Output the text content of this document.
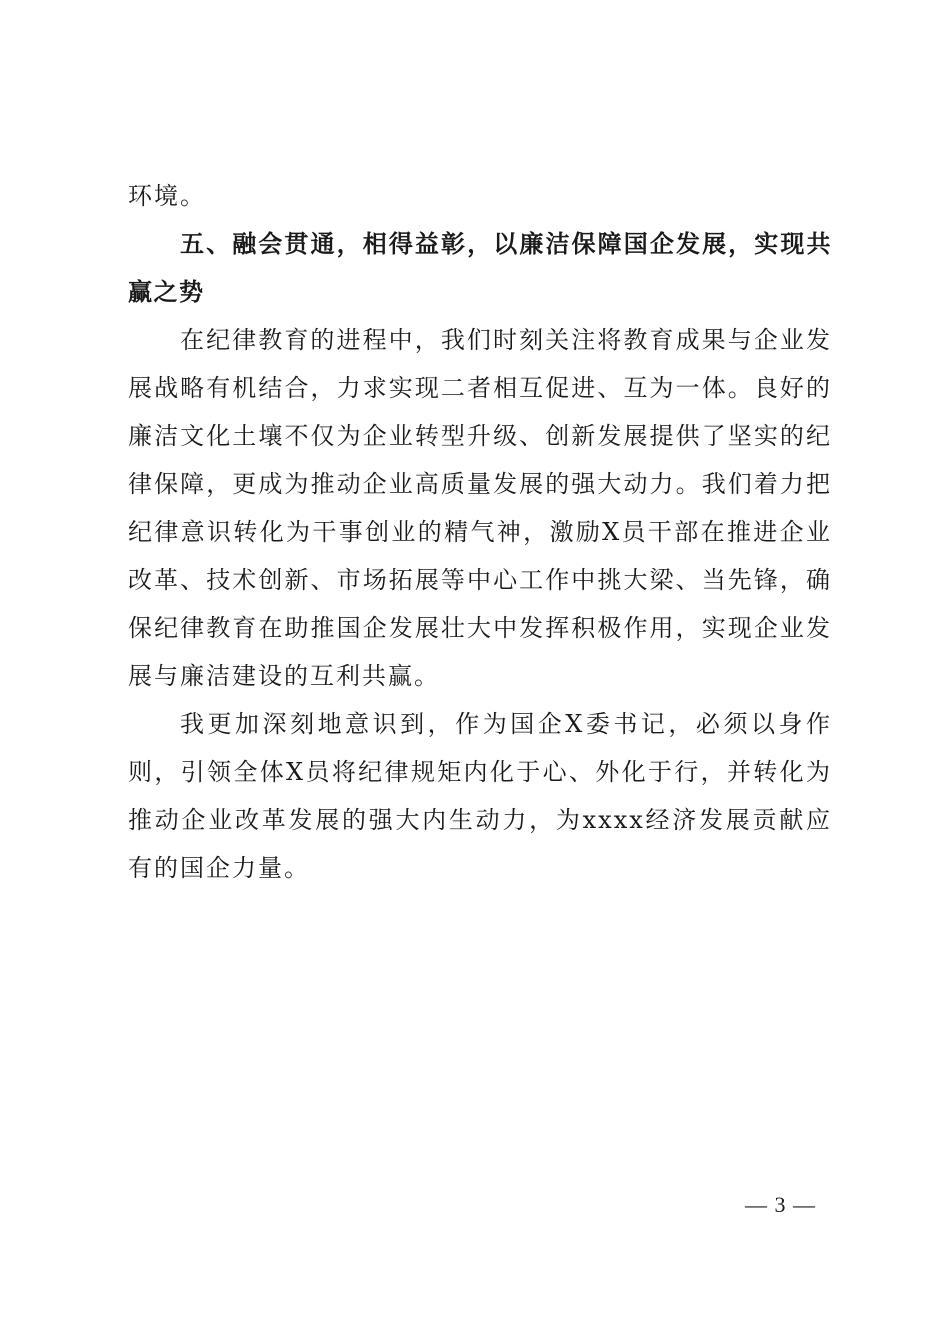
环境。

五、融会贯通，相得益彰，以廉洁保障国企发展，实现共赢之势

在纪律教育的进程中，我们时刻关注将教育成果与企业发展战略有机结合，力求实现二者相互促进、互为一体。良好的廉洁文化土壤不仅为企业转型升级、创新发展提供了坚实的纪律保障，更成为推动企业高质量发展的强大动力。我们着力把纪律意识转化为干事创业的精气神，激励X员干部在推进企业改革、技术创新、市场拓展等中心工作中挑大梁、当先锋，确保纪律教育在助推国企发展壮大中发挥积极作用，实现企业发展与廉洁建设的互利共赢。

我更加深刻地意识到，作为国企X委书记，必须以身作则，引领全体X员将纪律规矩内化于心、外化于行，并转化为推动企业改革发展的强大内生动力，为xxxx经济发展贡献应有的国企力量。

— 3 —
